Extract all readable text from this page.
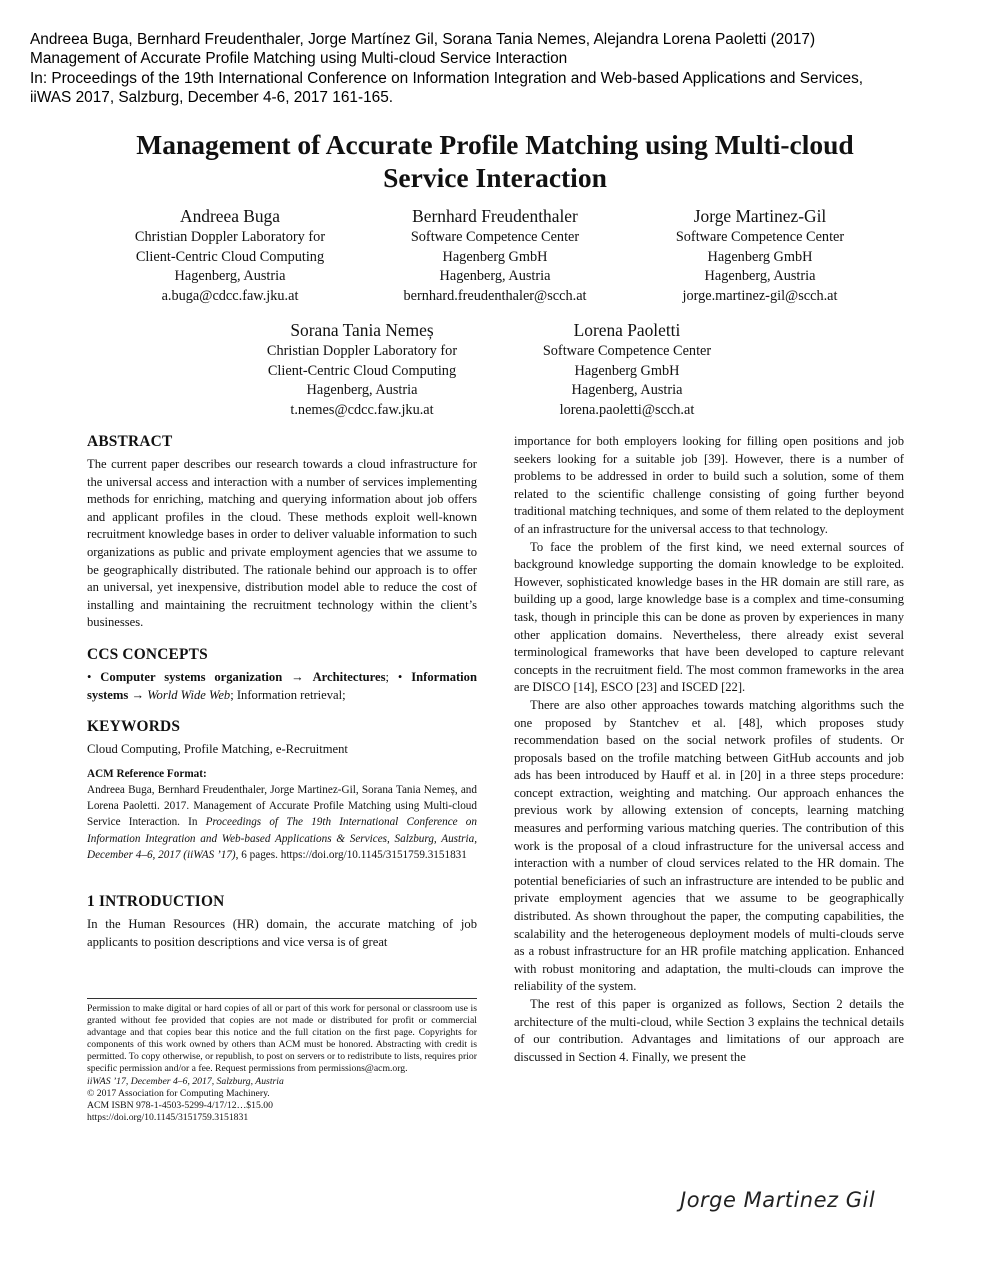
Andreea Buga, Bernhard Freudenthaler, Jorge Martínez Gil, Sorana Tania Nemes, Alejandra Lorena Paoletti (2017)
Management of Accurate Profile Matching using Multi-cloud Service Interaction
In: Proceedings of the 19th International Conference on Information Integration and Web-based Applications and Services,
iiWAS 2017, Salzburg, December 4-6, 2017 161-165.
Management of Accurate Profile Matching using Multi-cloud
Service Interaction
Andreea Buga
Christian Doppler Laboratory for
Client-Centric Cloud Computing
Hagenberg, Austria
a.buga@cdcc.faw.jku.at
Bernhard Freudenthaler
Software Competence Center
Hagenberg GmbH
Hagenberg, Austria
bernhard.freudenthaler@scch.at
Jorge Martinez-Gil
Software Competence Center
Hagenberg GmbH
Hagenberg, Austria
jorge.martinez-gil@scch.at
Sorana Tania Nemeș
Christian Doppler Laboratory for
Client-Centric Cloud Computing
Hagenberg, Austria
t.nemes@cdcc.faw.jku.at
Lorena Paoletti
Software Competence Center
Hagenberg GmbH
Hagenberg, Austria
lorena.paoletti@scch.at
ABSTRACT

The current paper describes our research towards a cloud infrastructure for the universal access and interaction with a number of services implementing methods for enriching, matching and querying information about job offers and applicant profiles in the cloud. These methods exploit well-known recruitment knowledge bases in order to deliver valuable information to such organizations as public and private employment agencies that we assume to be geographically distributed. The rationale behind our approach is to offer an universal, yet inexpensive, distribution model able to reduce the cost of installing and maintaining the recruitment technology within the client’s businesses.

CCS CONCEPTS

• Computer systems organization → Architectures; • Information systems → World Wide Web; Information retrieval;

KEYWORDS

Cloud Computing, Profile Matching, e-Recruitment

ACM Reference Format:

Andreea Buga, Bernhard Freudenthaler, Jorge Martinez-Gil, Sorana Tania Nemeș, and Lorena Paoletti. 2017. Management of Accurate Profile Matching using Multi-cloud Service Interaction. In Proceedings of The 19th International Conference on Information Integration and Web-based Applications & Services, Salzburg, Austria, December 4–6, 2017 (iiWAS ’17), 6 pages. https://doi.org/10.1145/3151759.3151831

1 INTRODUCTION

In the Human Resources (HR) domain, the accurate matching of job applicants to position descriptions and vice versa is of great

Permission to make digital or hard copies of all or part of this work for personal or classroom use is granted without fee provided that copies are not made or distributed for profit or commercial advantage and that copies bear this notice and the full citation on the first page. Copyrights for components of this work owned by others than ACM must be honored. Abstracting with credit is permitted. To copy otherwise, or republish, to post on servers or to redistribute to lists, requires prior specific permission and/or a fee. Request permissions from permissions@acm.org.
iiWAS ’17, December 4–6, 2017, Salzburg, Austria
© 2017 Association for Computing Machinery.
ACM ISBN 978-1-4503-5299-4/17/12…$15.00
https://doi.org/10.1145/3151759.3151831

importance for both employers looking for filling open positions and job seekers looking for a suitable job [39]. However, there is a number of problems to be addressed in order to build such a solution, some of them related to the scientific challenge consisting of going further beyond traditional matching techniques, and some of them related to the deployment of an infrastructure for the universal access to that technology.

To face the problem of the first kind, we need external sources of background knowledge supporting the domain knowledge to be exploited. However, sophisticated knowledge bases in the HR domain are still rare, as building up a good, large knowledge base is a complex and time-consuming task, though in principle this can be done as proven by experiences in many other application domains. Nevertheless, there already exist several terminological frameworks that have been developed to capture relevant concepts in the recruitment field. The most common frameworks in the area are DISCO [14], ESCO [23] and ISCED [22].

There are also other approaches towards matching algorithms such the one proposed by Stantchev et al. [48], which proposes study recommendation based on the social network profiles of students. Or proposals based on the trofile matching between GitHub accounts and job ads has been introduced by Hauff et al. in [20] in a three steps procedure: concept extraction, weighting and matching. Our approach enhances the previous work by allowing extension of concepts, learning matching measures and performing various matching queries. The contribution of this work is the proposal of a cloud infrastructure for the universal access and interaction with a number of cloud services related to the HR domain. The potential beneficiaries of such an infrastructure are intended to be public and private employment agencies that we assume to be geographically distributed. As shown throughout the paper, the computing capabilities, the scalability and the heterogeneous deployment models of multi-clouds serve as a robust infrastructure for an HR profile matching application. Enhanced with robust monitoring and adaptation, the multi-clouds can improve the reliability of the system.

The rest of this paper is organized as follows, Section 2 details the architecture of the multi-cloud, while Section 3 explains the technical details of our contribution. Advantages and limitations of our approach are discussed in Section 4. Finally, we present the

Jorge Martinez Gil
